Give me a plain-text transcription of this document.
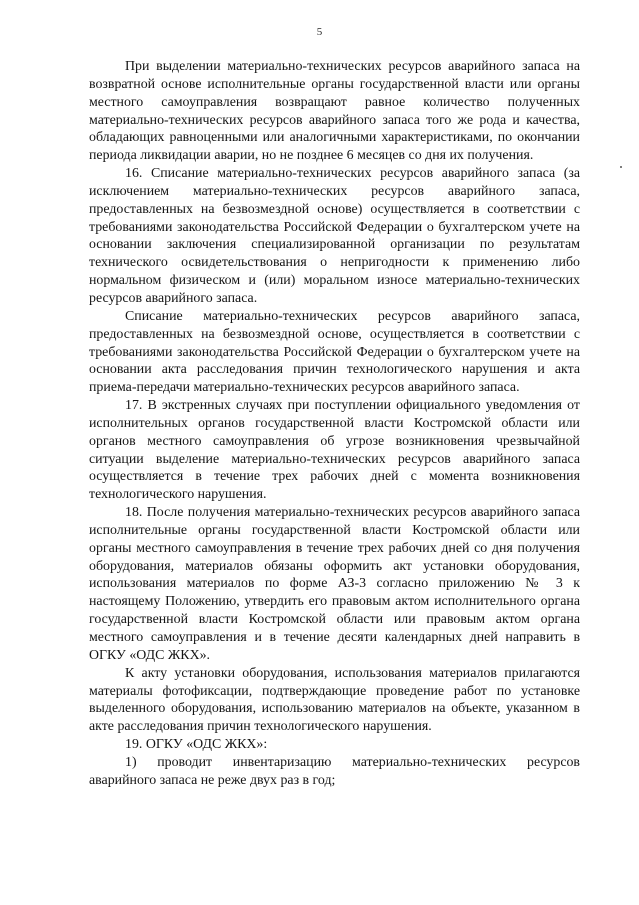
5

При выделении материально-технических ресурсов аварийного запаса на возвратной основе исполнительные органы государственной власти или органы местного самоуправления возвращают равное количество полученных материально-технических ресурсов аварийного запаса того же рода и качества, обладающих равноценными или аналогичными характеристиками, по окончании периода ликвидации аварии, но не позднее 6 месяцев со дня их получения.

16. Списание материально-технических ресурсов аварийного запаса (за исключением материально-технических ресурсов аварийного запаса, предоставленных на безвозмездной основе) осуществляется в соответствии с требованиями законодательства Российской Федерации о бухгалтерском учете на основании заключения специализированной организации по результатам технического освидетельствования о непригодности к применению либо нормальном физическом и (или) моральном износе материально-технических ресурсов аварийного запаса.

Списание материально-технических ресурсов аварийного запаса, предоставленных на безвозмездной основе, осуществляется в соответствии с требованиями законодательства Российской Федерации о бухгалтерском учете на основании акта расследования причин технологического нарушения и акта приема-передачи материально-технических ресурсов аварийного запаса.

17. В экстренных случаях при поступлении официального уведомления от исполнительных органов государственной власти Костромской области или органов местного самоуправления об угрозе возникновения чрезвычайной ситуации выделение материально-технических ресурсов аварийного запаса осуществляется в течение трех рабочих дней с момента возникновения технологического нарушения.

18. После получения материально-технических ресурсов аварийного запаса исполнительные органы государственной власти Костромской области или органы местного самоуправления в течение трех рабочих дней со дня получения оборудования, материалов обязаны оформить акт установки оборудования, использования материалов по форме АЗ-3 согласно приложению № 3 к настоящему Положению, утвердить его правовым актом исполнительного органа государственной власти Костромской области или правовым актом органа местного самоуправления и в течение десяти календарных дней направить в ОГКУ «ОДС ЖКХ».

К акту установки оборудования, использования материалов прилагаются материалы фотофиксации, подтверждающие проведение работ по установке выделенного оборудования, использованию материалов на объекте, указанном в акте расследования причин технологического нарушения.

19. ОГКУ «ОДС ЖКХ»:

1) проводит инвентаризацию материально-технических ресурсов аварийного запаса не реже двух раз в год;
